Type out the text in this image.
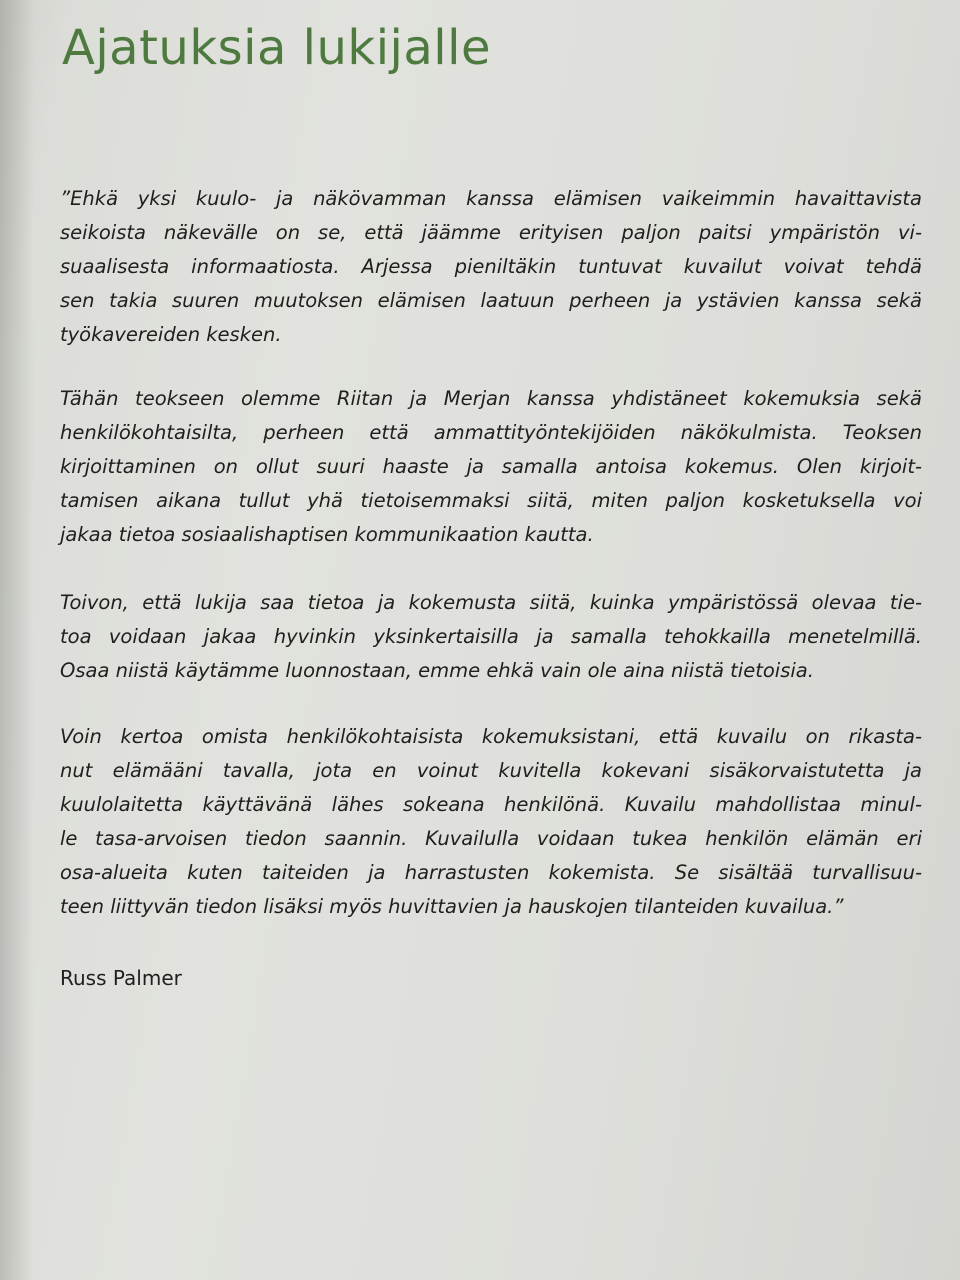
Ajatuksia lukijalle
”Ehkä yksi kuulo- ja näkövamman kanssa elämisen vaikeimmin havaittavista
seikoista näkevälle on se, että jäämme erityisen paljon paitsi ympäristön vi-
suaalisesta informaatiosta. Arjessa pieniltäkin tuntuvat kuvailut voivat tehdä
sen takia suuren muutoksen elämisen laatuun perheen ja ystävien kanssa sekä
työkavereiden kesken.
Tähän teokseen olemme Riitan ja Merjan kanssa yhdistäneet kokemuksia sekä
henkilökohtaisilta, perheen että ammattityöntekijöiden näkökulmista. Teoksen
kirjoittaminen on ollut suuri haaste ja samalla antoisa kokemus. Olen kirjoit-
tamisen aikana tullut yhä tietoisemmaksi siitä, miten paljon kosketuksella voi
jakaa tietoa sosiaalishaptisen kommunikaation kautta.
Toivon, että lukija saa tietoa ja kokemusta siitä, kuinka ympäristössä olevaa tie-
toa voidaan jakaa hyvinkin yksinkertaisilla ja samalla tehokkailla menetelmillä.
Osaa niistä käytämme luonnostaan, emme ehkä vain ole aina niistä tietoisia.
Voin kertoa omista henkilökohtaisista kokemuksistani, että kuvailu on rikasta-
nut elämääni tavalla, jota en voinut kuvitella kokevani sisäkorvaistutetta ja
kuulolaitetta käyttävänä lähes sokeana henkilönä. Kuvailu mahdollistaa minul-
le tasa-arvoisen tiedon saannin. Kuvailulla voidaan tukea henkilön elämän eri
osa-alueita kuten taiteiden ja harrastusten kokemista. Se sisältää turvallisuu-
teen liittyvän tiedon lisäksi myös huvittavien ja hauskojen tilanteiden kuvailua.”

Russ Palmer
